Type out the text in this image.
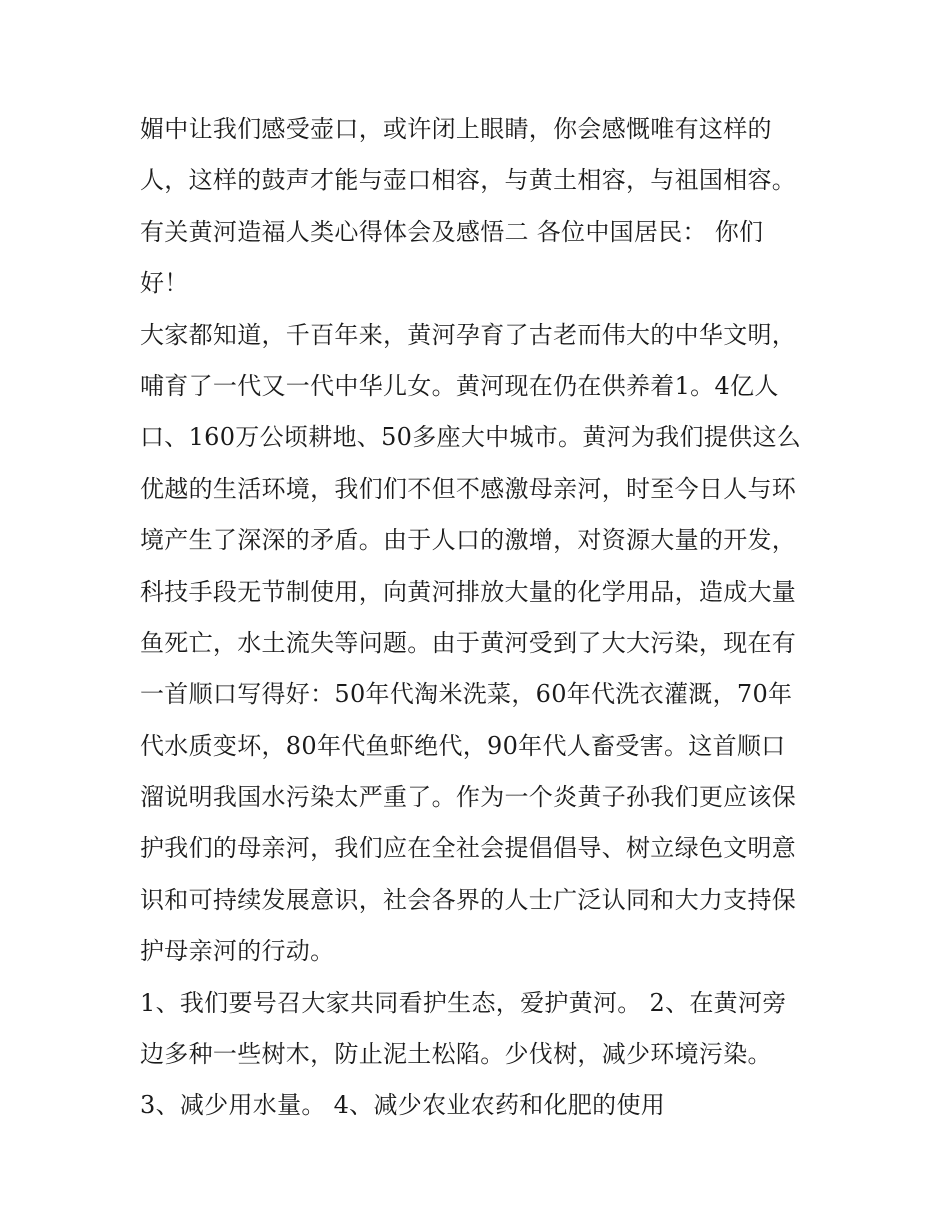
媚中让我们感受壶口，或许闭上眼睛，你会感慨唯有这样的
人，这样的鼓声才能与壶口相容，与黄土相容，与祖国相容。
有关黄河造福人类心得体会及感悟二 各位中国居民： 你们
好！
大家都知道，千百年来，黄河孕育了古老而伟大的中华文明，
哺育了一代又一代中华儿女。黄河现在仍在供养着1。4亿人
口、160万公顷耕地、50多座大中城市。黄河为我们提供这么
优越的生活环境，我们们不但不感激母亲河，时至今日人与环
境产生了深深的矛盾。由于人口的激增，对资源大量的开发，
科技手段无节制使用，向黄河排放大量的化学用品，造成大量
鱼死亡，水土流失等问题。由于黄河受到了大大污染，现在有
一首顺口写得好：50年代淘米洗菜，60年代洗衣灌溉，70年
代水质变坏，80年代鱼虾绝代，90年代人畜受害。这首顺口
溜说明我国水污染太严重了。作为一个炎黄子孙我们更应该保
护我们的母亲河，我们应在全社会提倡倡导、树立绿色文明意
识和可持续发展意识，社会各界的人士广泛认同和大力支持保
护母亲河的行动。
1、我们要号召大家共同看护生态，爱护黄河。 2、在黄河旁
边多种一些树木，防止泥土松陷。少伐树，减少环境污染。
3、减少用水量。 4、减少农业农药和化肥的使用
